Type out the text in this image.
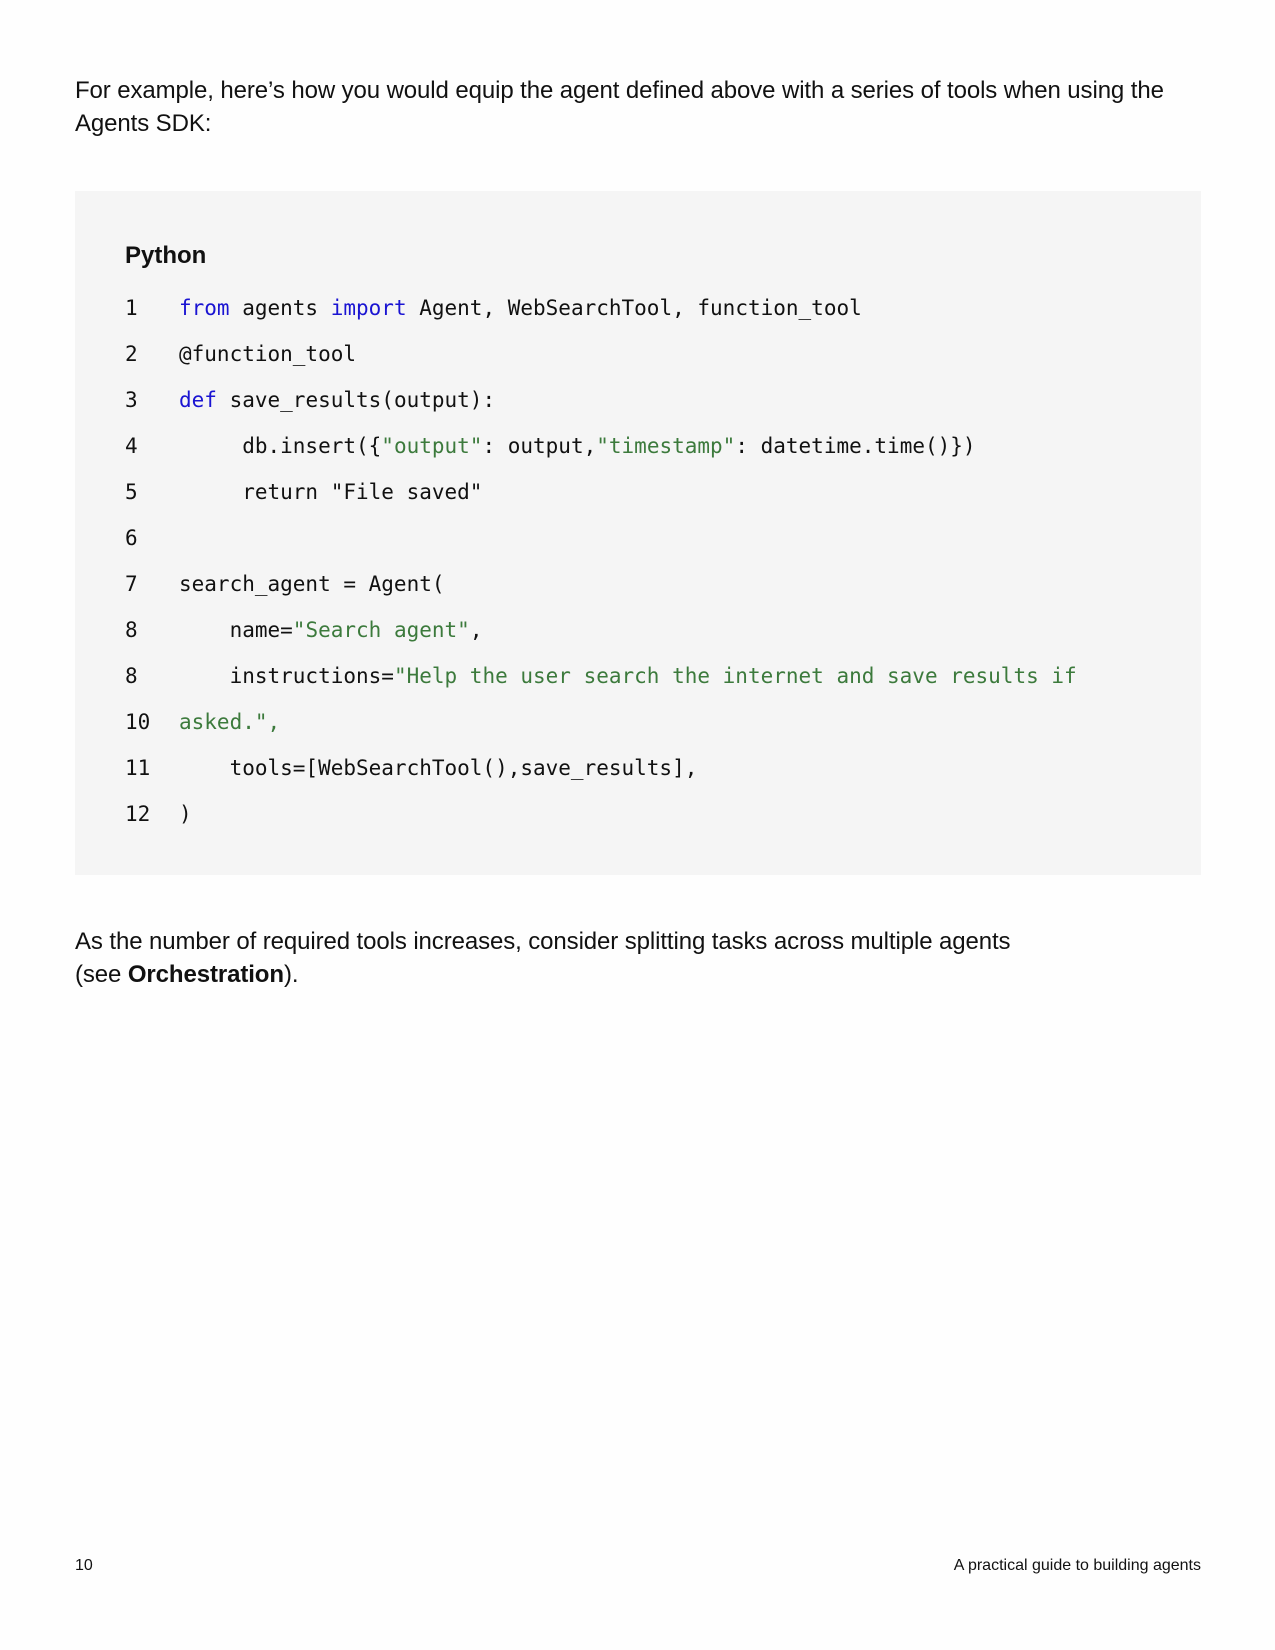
For example, here’s how you would equip the agent defined above with a series of tools when using the Agents SDK:

Python
1	from agents import Agent, WebSearchTool, function_tool
2	@function_tool
3	def save_results(output):
4	db.insert({"output": output,"timestamp": datetime.time()})
5	return "File saved"
6
7	search_agent = Agent(
8	name="Search agent",
8	instructions="Help the user search the internet and save results if
10	asked.",
11	tools=[WebSearchTool(),save_results],
12	)

As the number of required tools increases, consider splitting tasks across multiple agents
(see Orchestration).

10	A practical guide to building agents
